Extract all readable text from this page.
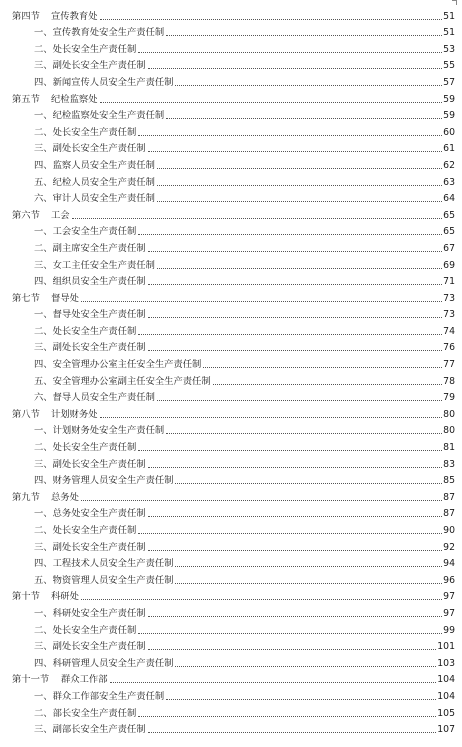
第四节	宣传教育处	51
一、宣传教育处安全生产责任制	51
二、处长安全生产责任制	53
三、副处长安全生产责任制	55
四、新闻宣传人员安全生产责任制	57
第五节	纪检监察处	59
一、纪检监察处安全生产责任制	59
二、处长安全生产责任制	60
三、副处长安全生产责任制	61
四、监察人员安全生产责任制	62
五、纪检人员安全生产责任制	63
六、审计人员安全生产责任制	64
第六节	工会	65
一、工会安全生产责任制	65
二、副主席安全生产责任制	67
三、女工主任安全生产责任制	69
四、组织员安全生产责任制	71
第七节	督导处	73
一、督导处安全生产责任制	73
二、处长安全生产责任制	74
三、副处长安全生产责任制	76
四、安全管理办公室主任安全生产责任制	77
五、安全管理办公室副主任安全生产责任制	78
六、督导人员安全生产责任制	79
第八节	计划财务处	80
一、计划财务处安全生产责任制	80
二、处长安全生产责任制	81
三、副处长安全生产责任制	83
四、财务管理人员安全生产责任制	85
第九节	总务处	87
一、总务处安全生产责任制	87
二、处长安全生产责任制	90
三、副处长安全生产责任制	92
四、工程技术人员安全生产责任制	94
五、物资管理人员安全生产责任制	96
第十节	科研处	97
一、科研处安全生产责任制	97
二、处长安全生产责任制	99
三、副处长安全生产责任制	101
四、科研管理人员安全生产责任制	103
第十一节	群众工作部	104
一、群众工作部安全生产责任制	104
二、部长安全生产责任制	105
三、副部长安全生产责任制	107
